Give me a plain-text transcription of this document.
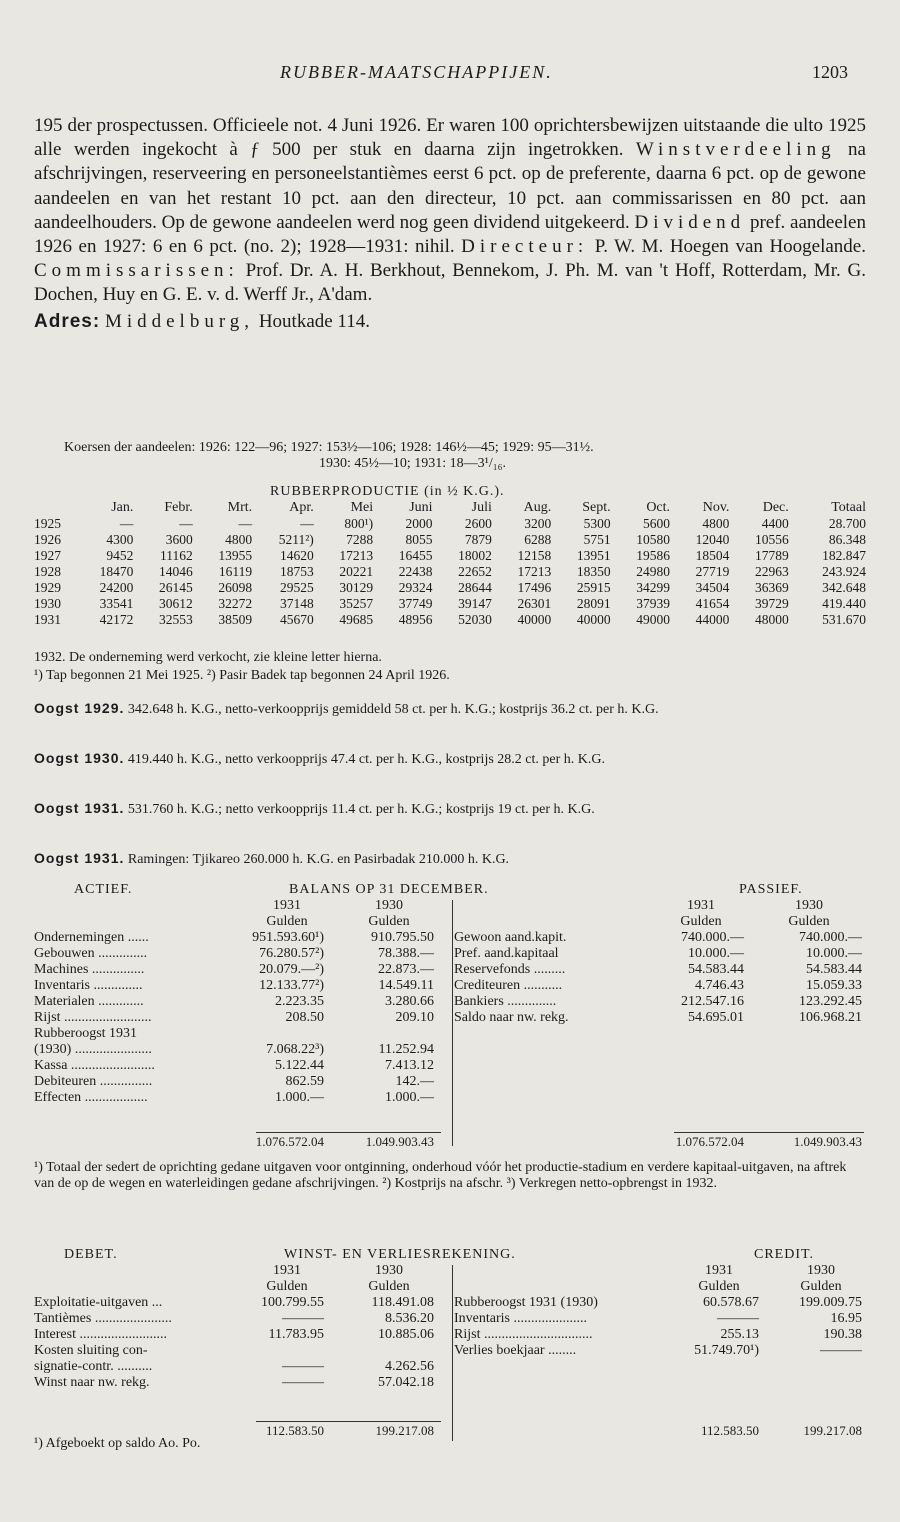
RUBBER-MAATSCHAPPIJEN.	1203

195 der prospectussen. Officieele not. 4 Juni 1926. Er waren 100 oprichtersbewijzen uitstaande die ulto 1925 alle werden ingekocht à ƒ 500 per stuk en daarna zijn ingetrokken. Winstverdeeling na afschrijvingen, reserveering en personeelstantièmes eerst 6 pct. op de preferente, daarna 6 pct. op de gewone aandeelen en van het restant 10 pct. aan den directeur, 10 pct. aan commissarissen en 80 pct. aan aandeelhouders. Op de gewone aandeelen werd nog geen dividend uitgekeerd. Dividend pref. aandeelen 1926 en 1927: 6 en 6 pct. (no. 2); 1928—1931: nihil. Directeur: P. W. M. Hoegen van Hoogelande. Commissarissen: Prof. Dr. A. H. Berkhout, Bennekom, J. Ph. M. van 't Hoff, Rotterdam, Mr. G. Dochen, Huy en G. E. v. d. Werff Jr., A'dam.

Adres: Middelburg, Houtkade 114.

Koersen der aandeelen: 1926: 122—96; 1927: 153½—106; 1928: 146½—45; 1929: 95—31½.
1930: 45½—10; 1931: 18—3¹/₁₆.
RUBBERPRODUCTIE (in ½ K.G.).
	Jan.	Febr.	Mrt.	Apr.	Mei	Juni	Juli	Aug.	Sept.	Oct.	Nov.	Dec.	Totaal
1925	—	—	—	—	800¹)	2000	2600	3200	5300	5600	4800	4400	28.700
1926	4300	3600	4800	5211²)	7288	8055	7879	6288	5751	10580	12040	10556	86.348
1927	9452	11162	13955	14620	17213	16455	18002	12158	13951	19586	18504	17789	182.847
1928	18470	14046	16119	18753	20221	22438	22652	17213	18350	24980	27719	22963	243.924
1929	24200	26145	26098	29525	30129	29324	28644	17496	25915	34299	34504	36369	342.648
1930	33541	30612	32272	37148	35257	37749	39147	26301	28091	37939	41654	39729	419.440
1931	42172	32553	38509	45670	49685	48956	52030	40000	40000	49000	44000	48000	531.670
1932. De onderneming werd verkocht, zie kleine letter hierna.
¹) Tap begonnen 21 Mei 1925. ²) Pasir Badek tap begonnen 24 April 1926.
Oogst 1929. 342.648 h. K.G., netto-verkoopprijs gemiddeld 58 ct. per h. K.G.; kostprijs 36.2 ct. per h. K.G.
Oogst 1930. 419.440 h. K.G., netto verkoopprijs 47.4 ct. per h. K.G., kostprijs 28.2 ct. per h. K.G.
Oogst 1931. 531.760 h. K.G.; netto verkoopprijs 11.4 ct. per h. K.G.; kostprijs 19 ct. per h. K.G.
Oogst 1931. Ramingen: Tjikareo 260.000 h. K.G. en Pasirbadak 210.000 h. K.G.
ACTIEF.	BALANS OP 31 DECEMBER.	PASSIEF.
1931	1930	1931	1930
Gulden	Gulden	Gulden	Gulden
Ondernemingen ......	951.593.60¹)	910.795.50
Gebouwen ..............	76.280.57²)	78.388.—
Machines ...............	20.079.—²)	22.873.—
Inventaris ..............	12.133.77²)	14.549.11
Materialen .............	2.223.35	3.280.66
Rijst .........................	208.50	209.10
Rubberoogst 1931
(1930) ......................	7.068.22³)	11.252.94
Kassa ........................	5.122.44	7.413.12
Debiteuren ...............	862.59	142.—
Effecten ..................	1.000.—	1.000.—
Gewoon aand.kapit.	740.000.—	740.000.—
Pref. aand.kapitaal	10.000.—	10.000.—
Reservefonds .........	54.583.44	54.583.44
Crediteuren ...........	4.746.43	15.059.33
Bankiers ..............	212.547.16	123.292.45
Saldo naar nw. rekg.	54.695.01	106.968.21
1.076.572.04	1.049.903.43	1.076.572.04	1.049.903.43
¹) Totaal der sedert de oprichting gedane uitgaven voor ontginning, onderhoud vóór het productie-stadium en verdere kapitaal-uitgaven, na aftrek van de op de wegen en waterleidingen gedane afschrijvingen. ²) Kostprijs na afschr. ³) Verkregen netto-opbrengst in 1932.
DEBET.	WINST- EN VERLIESREKENING.	CREDIT.
1931	1930	1931	1930
Gulden	Gulden	Gulden	Gulden
Exploitatie-uitgaven ...	100.799.55	118.491.08
Tantièmes ......................	———	8.536.20
Interest .........................	11.783.95	10.885.06
Kosten sluiting con-
signatie-contr. ..........	———	4.262.56
Winst naar nw. rekg.	———	57.042.18
Rubberoogst 1931 (1930)	60.578.67	199.009.75
Inventaris .....................	———	16.95
Rijst ...............................	255.13	190.38
Verlies boekjaar ........	51.749.70¹)	———
112.583.50	199.217.08	112.583.50	199.217.08
¹) Afgeboekt op saldo Ao. Po.
